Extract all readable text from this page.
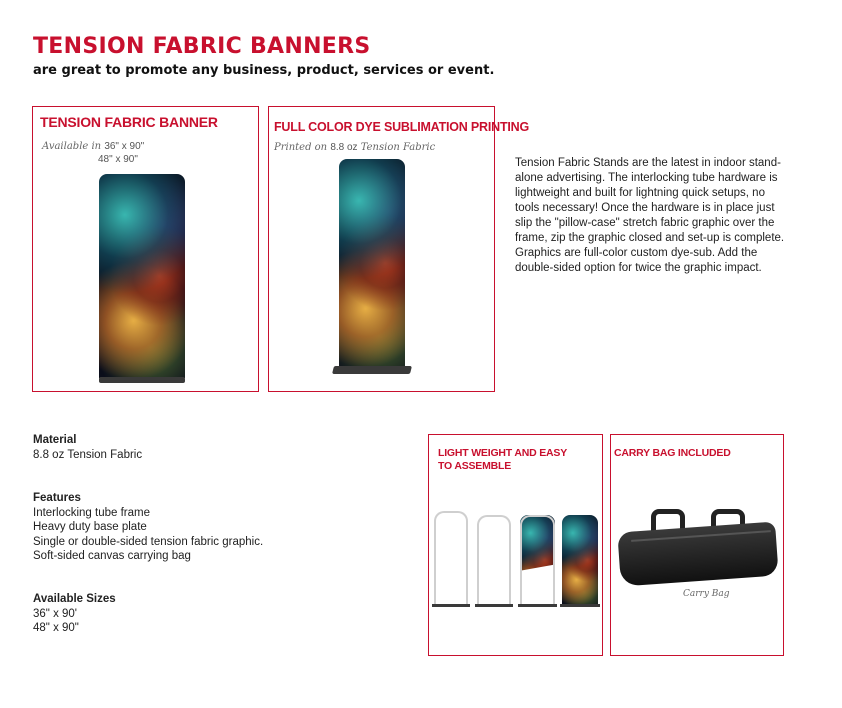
TENSION FABRIC BANNERS
are great to promote any business, product, services or event.
TENSION FABRIC BANNER
Available in 36" x 90"
48" x 90"
FULL COLOR DYE SUBLIMATION PRINTING
Printed on 8.8 oz Tension Fabric
Tension Fabric Stands are the latest in indoor stand-alone advertising. The interlocking tube hardware is lightweight and built for lightning quick setups, no tools necessary! Once the hardware is in place just slip the "pillow-case" stretch fabric graphic over the frame, zip the graphic closed and set-up is complete. Graphics are full-color custom dye-sub. Add the double-sided option for twice the graphic impact.
Material
8.8 oz Tension Fabric
Features
Interlocking tube frame
Heavy duty base plate
Single or double-sided tension fabric graphic.
Soft-sided canvas carrying bag
Available Sizes
36" x 90'
48" x 90"
LIGHT WEIGHT AND EASY
TO ASSEMBLE
CARRY BAG INCLUDED
Carry Bag
